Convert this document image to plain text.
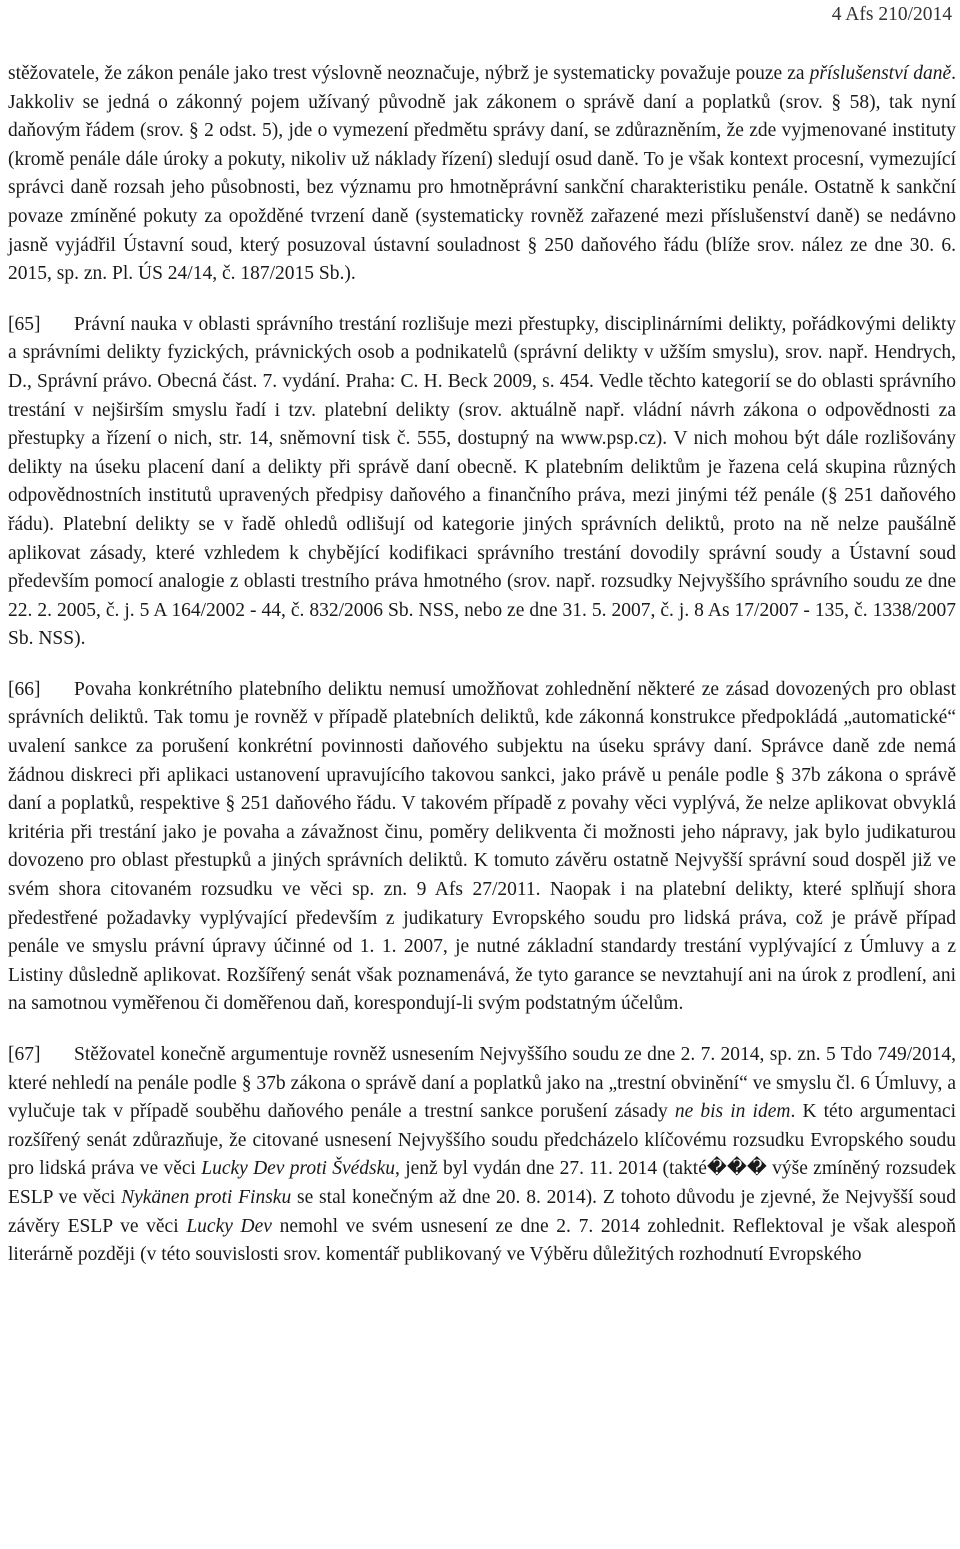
4 Afs 210/2014

stěžovatele, že zákon penále jako trest výslovně neoznačuje, nýbrž je systematicky považuje pouze za příslušenství daně. Jakkoliv se jedná o zákonný pojem užívaný původně jak zákonem o správě daní a poplatků (srov. § 58), tak nyní daňovým řádem (srov. § 2 odst. 5), jde o vymezení předmětu správy daní, se zdůrazněním, že zde vyjmenované instituty (kromě penále dále úroky a pokuty, nikoliv už náklady řízení) sledují osud daně. To je však kontext procesní, vymezující správci daně rozsah jeho působnosti, bez významu pro hmotněprávní sankční charakteristiku penále. Ostatně k sankční povaze zmíněné pokuty za opožděné tvrzení daně (systematicky rovněž zařazené mezi příslušenství daně) se nedávno jasně vyjádřil Ústavní soud, který posuzoval ústavní souladnost § 250 daňového řádu (blíže srov. nález ze dne 30. 6. 2015, sp. zn. Pl. ÚS 24/14, č. 187/2015 Sb.).

[65] Právní nauka v oblasti správního trestání rozlišuje mezi přestupky, disciplinárními delikty, pořádkovými delikty a správními delikty fyzických, právnických osob a podnikatelů (správní delikty v užším smyslu), srov. např. Hendrych, D., Správní právo. Obecná část. 7. vydání. Praha: C. H. Beck 2009, s. 454. Vedle těchto kategorií se do oblasti správního trestání v nejširším smyslu řadí i tzv. platební delikty (srov. aktuálně např. vládní návrh zákona o odpovědnosti za přestupky a řízení o nich, str. 14, sněmovní tisk č. 555, dostupný na www.psp.cz). V nich mohou být dále rozlišovány delikty na úseku placení daní a delikty při správě daní obecně. K platebním deliktům je řazena celá skupina různých odpovědnostních institutů upravených předpisy daňového a finančního práva, mezi jinými též penále (§ 251 daňového řádu). Platební delikty se v řadě ohledů odlišují od kategorie jiných správních deliktů, proto na ně nelze paušálně aplikovat zásady, které vzhledem k chybějící kodifikaci správního trestání dovodily správní soudy a Ústavní soud především pomocí analogie z oblasti trestního práva hmotného (srov. např. rozsudky Nejvyššího správního soudu ze dne 22. 2. 2005, č. j. 5 A 164/2002 - 44, č. 832/2006 Sb. NSS, nebo ze dne 31. 5. 2007, č. j. 8 As 17/2007 - 135, č. 1338/2007 Sb. NSS).

[66] Povaha konkrétního platebního deliktu nemusí umožňovat zohlednění některé ze zásad dovozených pro oblast správních deliktů. Tak tomu je rovněž v případě platebních deliktů, kde zákonná konstrukce předpokládá „automatické“ uvalení sankce za porušení konkrétní povinnosti daňového subjektu na úseku správy daní. Správce daně zde nemá žádnou diskreci při aplikaci ustanovení upravujícího takovou sankci, jako právě u penále podle § 37b zákona o správě daní a poplatků, respektive § 251 daňového řádu. V takovém případě z povahy věci vyplývá, že nelze aplikovat obvyklá kritéria při trestání jako je povaha a závažnost činu, poměry delikventa či možnosti jeho nápravy, jak bylo judikaturou dovozeno pro oblast přestupků a jiných správních deliktů. K tomuto závěru ostatně Nejvyšší správní soud dospěl již ve svém shora citovaném rozsudku ve věci sp. zn. 9 Afs 27/2011. Naopak i na platební delikty, které splňují shora předestřené požadavky vyplývající především z judikatury Evropského soudu pro lidská práva, což je právě případ penále ve smyslu právní úpravy účinné od 1. 1. 2007, je nutné základní standardy trestání vyplývající z Úmluvy a z Listiny důsledně aplikovat. Rozšířený senát však poznamenává, že tyto garance se nevztahují ani na úrok z prodlení, ani na samotnou vyměřenou či doměřenou daň, korespondují-li svým podstatným účelům.

[67] Stěžovatel konečně argumentuje rovněž usnesením Nejvyššího soudu ze dne 2. 7. 2014, sp. zn. 5 Tdo 749/2014, které nehledí na penále podle § 37b zákona o správě daní a poplatků jako na „trestní obvinění“ ve smyslu čl. 6 Úmluvy, a vylučuje tak v případě souběhu daňového penále a trestní sankce porušení zásady ne bis in idem. K této argumentaci rozšířený senát zdůrazňuje, že citované usnesení Nejvyššího soudu předcházelo klíčovému rozsudku Evropského soudu pro lidská práva ve věci Lucky Dev proti Švédsku, jenž byl vydán dne 27. 11. 2014 (takté��� výše zmíněný rozsudek ESLP ve věci Nykänen proti Finsku se stal konečným až dne 20. 8. 2014). Z tohoto důvodu je zjevné, že Nejvyšší soud závěry ESLP ve věci Lucky Dev nemohl ve svém usnesení ze dne 2. 7. 2014 zohlednit. Reflektoval je však alespoň literárně později (v této souvislosti srov. komentář publikovaný ve Výběru důležitých rozhodnutí Evropského
